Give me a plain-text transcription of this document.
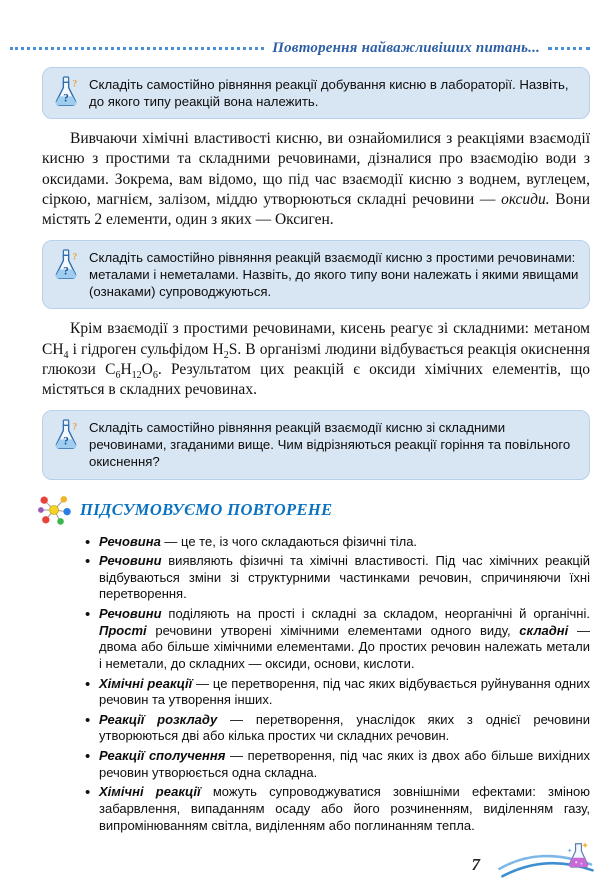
Повторення найважливіших питань...
?
? Складіть самостійно рівняння реакції добування кисню в лабораторії. Назвіть, до якого типу реакцій вона належить.

Вивчаючи хімічні властивості кисню, ви ознайомилися з реакціями взаємодії кисню з простими та складними речовинами, дізналися про взаємодію води з оксидами. Зокрема, вам відомо, що під час взаємодії кисню з воднем, вуглецем, сіркою, магнієм, залізом, міддю утворюються складні речовини — оксиди. Вони містять 2 елементи, один з яких — Оксиген.

?
? Складіть самостійно рівняння реакцій взаємодії кисню з простими речовинами: металами і неметалами. Назвіть, до якого типу вони належать і якими явищами (ознаками) супроводжуються.

Крім взаємодії з простими речовинами, кисень реагує зі складними: метаном $CH_4$ і гідроген сульфідом $H_2S$. В організмі людини відбувається реакція окиснення глюкози $C_6H_{12}O_6$. Результатом цих реакцій є оксиди хімічних елементів, що містяться в складних речовинах.

?
? Складіть самостійно рівняння реакцій взаємодії кисню зі складними речовинами, згаданими вище. Чим відрізняються реакції горіння та повільного окиснення?

ПІДСУМОВУЄМО ПОВТОРЕНЕ
• Речовина — це те, із чого складаються фізичні тіла.
• Речовини виявляють фізичні та хімічні властивості. Під час хімічних реакцій відбуваються зміни зі структурними частинками речовин, спричиняючи їхні перетворення.
• Речовини поділяють на прості і складні за складом, неорганічні й органічні. Прості речовини утворені хімічними елементами одного виду, складні — двома або більше хімічними елементами. До простих речовин належать метали і неметали, до складних — оксиди, основи, кислоти.
• Хімічні реакції — це перетворення, під час яких відбувається руйнування одних речовин та утворення інших.
• Реакції розкладу — перетворення, унаслідок яких з однієї речовини утворюються дві або кілька простих чи складних речовин.
• Реакції сполучення — перетворення, під час яких із двох або більше вихідних речовин утворюється одна складна.
• Хімічні реакції можуть супроводжуватися зовнішніми ефектами: зміною забарвлення, випаданням осаду або його розчиненням, виділенням газу, випромінюванням світла, виділенням або поглинанням тепла.
7
